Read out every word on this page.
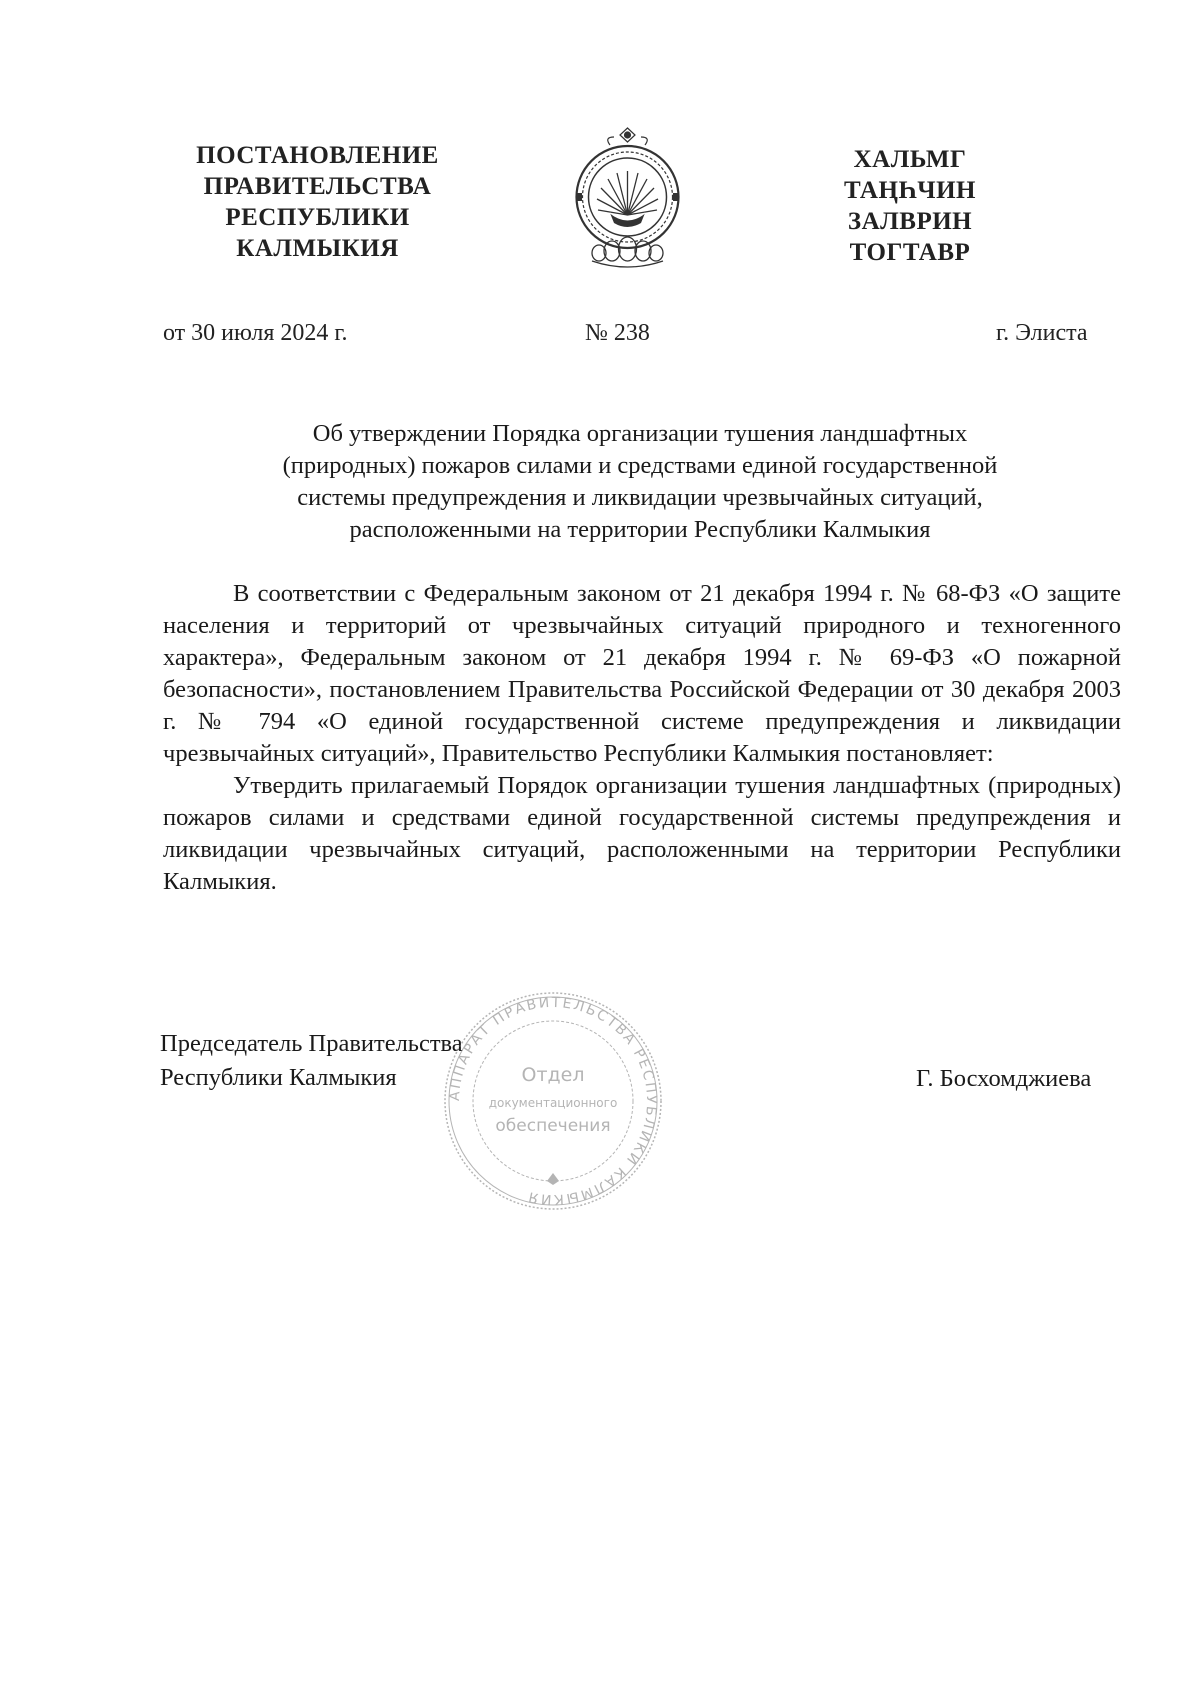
ПОСТАНОВЛЕНИЕ
ПРАВИТЕЛЬСТВА
РЕСПУБЛИКИ
КАЛМЫКИЯ
ХАЛЬМГ
ТАҢҺЧИН
ЗАЛВРИН
ТОГТАВР
от 30 июля 2024 г.	№ 238	г. Элиста
Об утверждении Порядка организации тушения ландшафтных
(природных) пожаров силами и средствами единой государственной
системы предупреждения и ликвидации чрезвычайных ситуаций,
расположенными на территории Республики Калмыкия

В соответствии с Федеральным законом от 21 декабря 1994 г. № 68-ФЗ «О защите населения и территорий от чрезвычайных ситуаций природного и техногенного характера», Федеральным законом от 21 декабря 1994 г. № 69-ФЗ «О пожарной безопасности», постановлением Правительства Российской Федерации от 30 декабря 2003 г. № 794 «О единой государственной системе предупреждения и ликвидации чрезвычайных ситуаций», Правительство Республики Калмыкия постановляет:

Утвердить прилагаемый Порядок организации тушения ландшафтных (природных) пожаров силами и средствами единой государственной системы предупреждения и ликвидации чрезвычайных ситуаций, расположенными на территории Республики Калмыкия.

Председатель Правительства
Республики Калмыкия	Г. Босхомджиева
АППАРАТ ПРАВИТЕЛЬСТВА РЕСПУБЛИКИ КАЛМЫКИЯ
Отдел
документационного
обеспечения
